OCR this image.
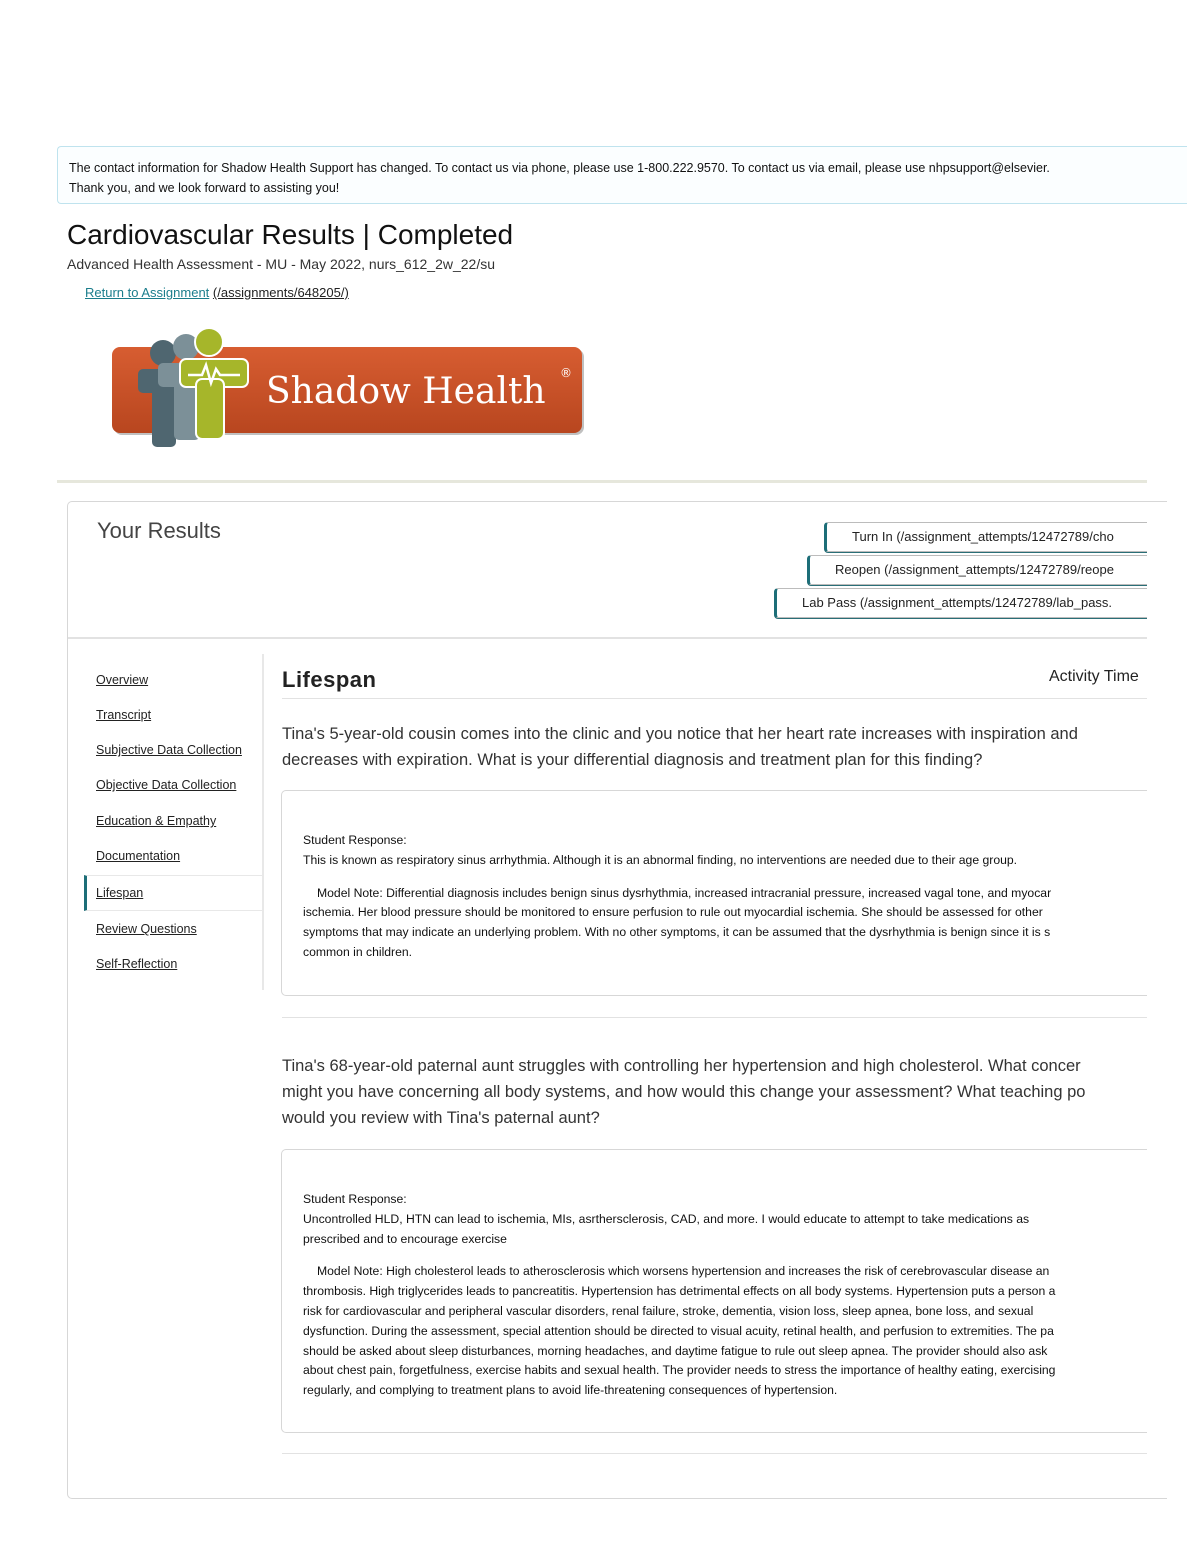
The contact information for Shadow Health Support has changed. To contact us via phone, please use 1-800.222.9570. To contact us via email, please use nhpsupport@elsevier.
Thank you, and we look forward to assisting you!
Cardiovascular Results | Completed
Advanced Health Assessment - MU - May 2022, nurs_612_2w_22/su
Return to Assignment (/assignments/648205/)
Shadow Health ®
Your Results	Turn In (/assignment_attempts/12472789/cho
Reopen (/assignment_attempts/12472789/reope
Lab Pass (/assignment_attempts/12472789/lab_pass.
Overview
Transcript
Subjective Data Collection
Objective Data Collection
Education & Empathy
Documentation
Lifespan
Review Questions
Self-Reflection
Lifespan	Activity Time
Tina's 5-year-old cousin comes into the clinic and you notice that her heart rate increases with inspiration and
decreases with expiration. What is your differential diagnosis and treatment plan for this finding?
Student Response:
This is known as respiratory sinus arrhythmia. Although it is an abnormal finding, no interventions are needed due to their age group.
Model Note: Differential diagnosis includes benign sinus dysrhythmia, increased intracranial pressure, increased vagal tone, and myocar
ischemia. Her blood pressure should be monitored to ensure perfusion to rule out myocardial ischemia. She should be assessed for other
symptoms that may indicate an underlying problem. With no other symptoms, it can be assumed that the dysrhythmia is benign since it is s
common in children.
Tina's 68-year-old paternal aunt struggles with controlling her hypertension and high cholesterol. What concer
might you have concerning all body systems, and how would this change your assessment? What teaching po
would you review with Tina's paternal aunt?
Student Response:
Uncontrolled HLD, HTN can lead to ischemia, MIs, asrthersclerosis, CAD, and more. I would educate to attempt to take medications as
prescribed and to encourage exercise
Model Note: High cholesterol leads to atherosclerosis which worsens hypertension and increases the risk of cerebrovascular disease an
thrombosis. High triglycerides leads to pancreatitis. Hypertension has detrimental effects on all body systems. Hypertension puts a person a
risk for cardiovascular and peripheral vascular disorders, renal failure, stroke, dementia, vision loss, sleep apnea, bone loss, and sexual
dysfunction. During the assessment, special attention should be directed to visual acuity, retinal health, and perfusion to extremities. The pa
should be asked about sleep disturbances, morning headaches, and daytime fatigue to rule out sleep apnea. The provider should also ask
about chest pain, forgetfulness, exercise habits and sexual health. The provider needs to stress the importance of healthy eating, exercising
regularly, and complying to treatment plans to avoid life-threatening consequences of hypertension.
